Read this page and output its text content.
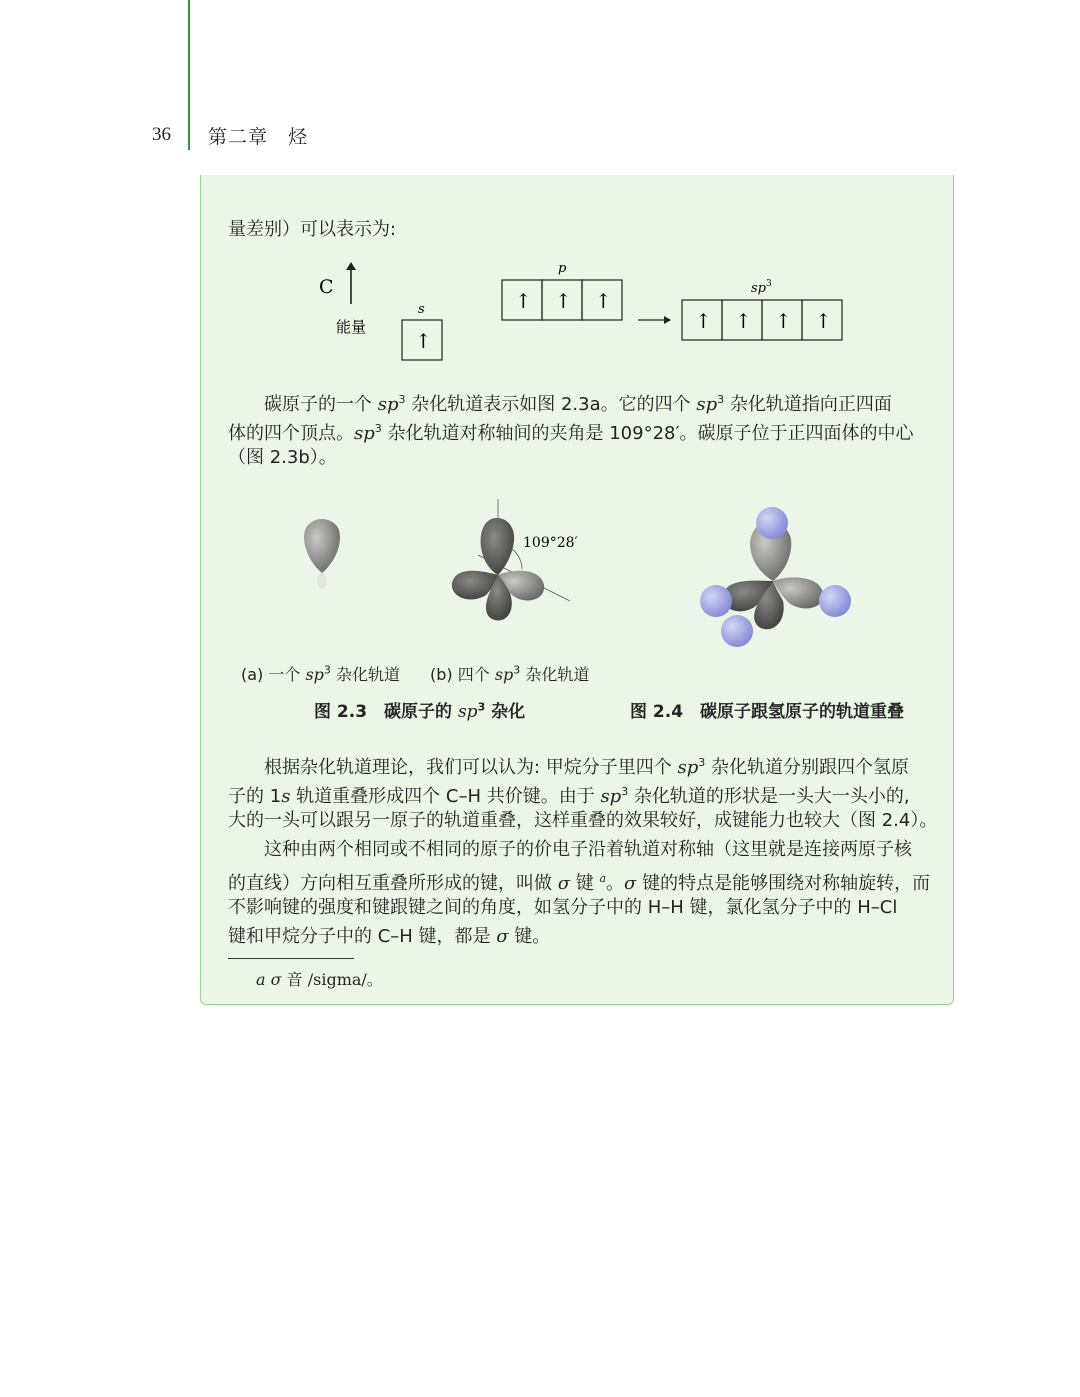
36 第二章　烃
量差别）可以表示为:
C
能量
s
↑
p
↑ ↑ ↑
$sp^3$
↑ ↑ ↑ ↑
碳原子的一个 $sp^3$ 杂化轨道表示如图 2.3a。它的四个 $sp^3$ 杂化轨道指向正四面
体的四个顶点。$sp^3$ 杂化轨道对称轴间的夹角是 109°28′。碳原子位于正四面体的中心
（图 2.3b）。
109°28′
(a) 一个 $sp^3$ 杂化轨道 (b) 四个 $sp^3$ 杂化轨道
图 2.3　碳原子的 $sp^3$ 杂化	图 2.4　碳原子跟氢原子的轨道重叠
根据杂化轨道理论，我们可以认为: 甲烷分子里四个 $sp^3$ 杂化轨道分别跟四个氢原
子的 1s 轨道重叠形成四个 C–H 共价键。由于 $sp^3$ 杂化轨道的形状是一头大一头小的,
大的一头可以跟另一原子的轨道重叠，这样重叠的效果较好，成键能力也较大（图 2.4）。
这种由两个相同或不相同的原子的价电子沿着轨道对称轴（这里就是连接两原子核
的直线）方向相互重叠所形成的键，叫做 σ 键 $^a$。σ 键的特点是能够围绕对称轴旋转，而
不影响键的强度和键跟键之间的角度，如氢分子中的 H–H 键，氯化氢分子中的 H–Cl
键和甲烷分子中的 C–H 键，都是 σ 键。
a σ 音 /sigma/。
